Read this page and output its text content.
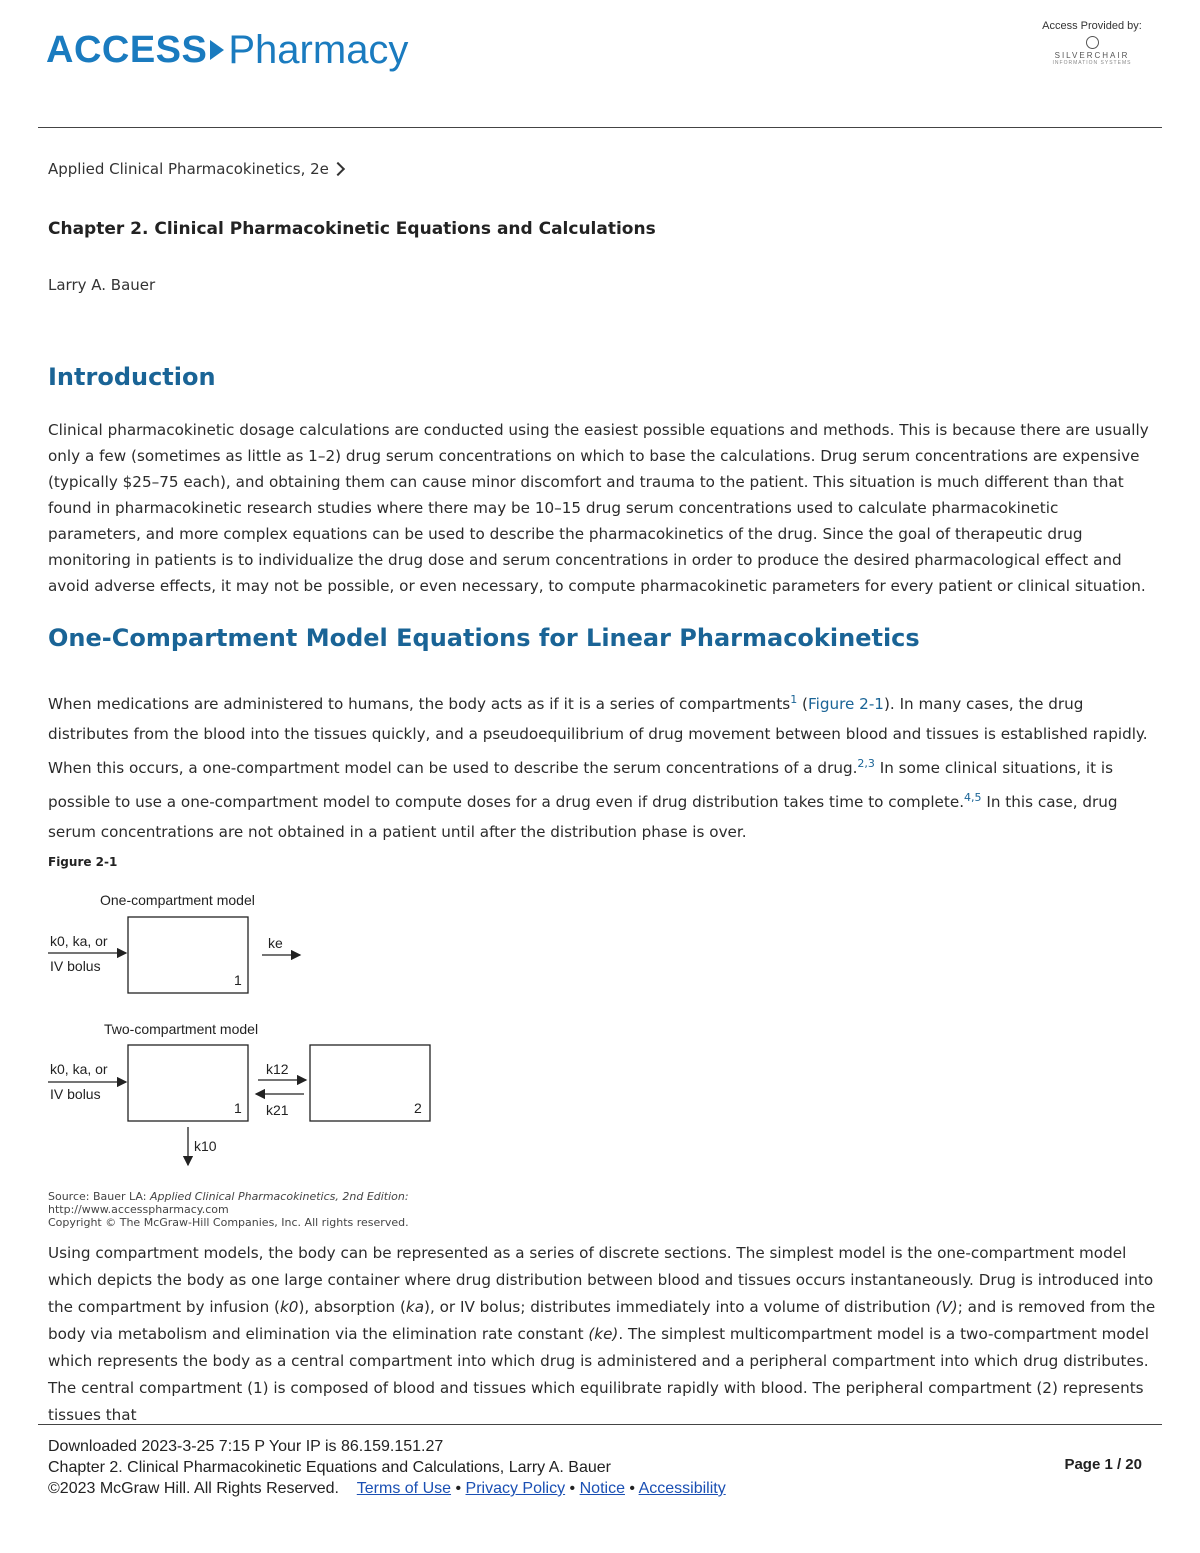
ACCESS Pharmacy
Access Provided by:
SILVERCHAIR
INFORMATION SYSTEMS
Applied Clinical Pharmacokinetics, 2e
Chapter 2. Clinical Pharmacokinetic Equations and Calculations
Larry A. Bauer
Introduction

Clinical pharmacokinetic dosage calculations are conducted using the easiest possible equations and methods. This is because there are usually only a few (sometimes as little as 1–2) drug serum concentrations on which to base the calculations. Drug serum concentrations are expensive (typically $25–75 each), and obtaining them can cause minor discomfort and trauma to the patient. This situation is much different than that found in pharmacokinetic research studies where there may be 10–15 drug serum concentrations used to calculate pharmacokinetic parameters, and more complex equations can be used to describe the pharmacokinetics of the drug. Since the goal of therapeutic drug monitoring in patients is to individualize the drug dose and serum concentrations in order to produce the desired pharmacological effect and avoid adverse effects, it may not be possible, or even necessary, to compute pharmacokinetic parameters for every patient or clinical situation.

One-Compartment Model Equations for Linear Pharmacokinetics

When medications are administered to humans, the body acts as if it is a series of compartments$^1$ (Figure 2-1). In many cases, the drug distributes from the blood into the tissues quickly, and a pseudoequilibrium of drug movement between blood and tissues is established rapidly. When this occurs, a one-compartment model can be used to describe the serum concentrations of a drug.$^{2,3}$ In some clinical situations, it is possible to use a one-compartment model to compute doses for a drug even if drug distribution takes time to complete.$^{4,5}$ In this case, drug serum concentrations are not obtained in a patient until after the distribution phase is over.

Figure 2-1
One-compartment model
k0, ka, or
IV bolus
1
ke
Two-compartment model
k0, ka, or
IV bolus
1	2
k12
k21
k10
Source: Bauer LA: Applied Clinical Pharmacokinetics, 2nd Edition:
http://www.accesspharmacy.com
Copyright © The McGraw-Hill Companies, Inc. All rights reserved.

Using compartment models, the body can be represented as a series of discrete sections. The simplest model is the one-compartment model which depicts the body as one large container where drug distribution between blood and tissues occurs instantaneously. Drug is introduced into the compartment by infusion (k0), absorption (ka), or IV bolus; distributes immediately into a volume of distribution (V); and is removed from the body via metabolism and elimination via the elimination rate constant (ke). The simplest multicompartment model is a two-compartment model which represents the body as a central compartment into which drug is administered and a peripheral compartment into which drug distributes. The central compartment (1) is composed of blood and tissues which equilibrate rapidly with blood. The peripheral compartment (2) represents tissues that

Downloaded 2023-3-25 7:15 P Your IP is 86.159.151.27
Chapter 2. Clinical Pharmacokinetic Equations and Calculations, Larry A. Bauer
©2023 McGraw Hill. All Rights Reserved. Terms of Use • Privacy Policy • Notice • Accessibility
Page 1 / 20
